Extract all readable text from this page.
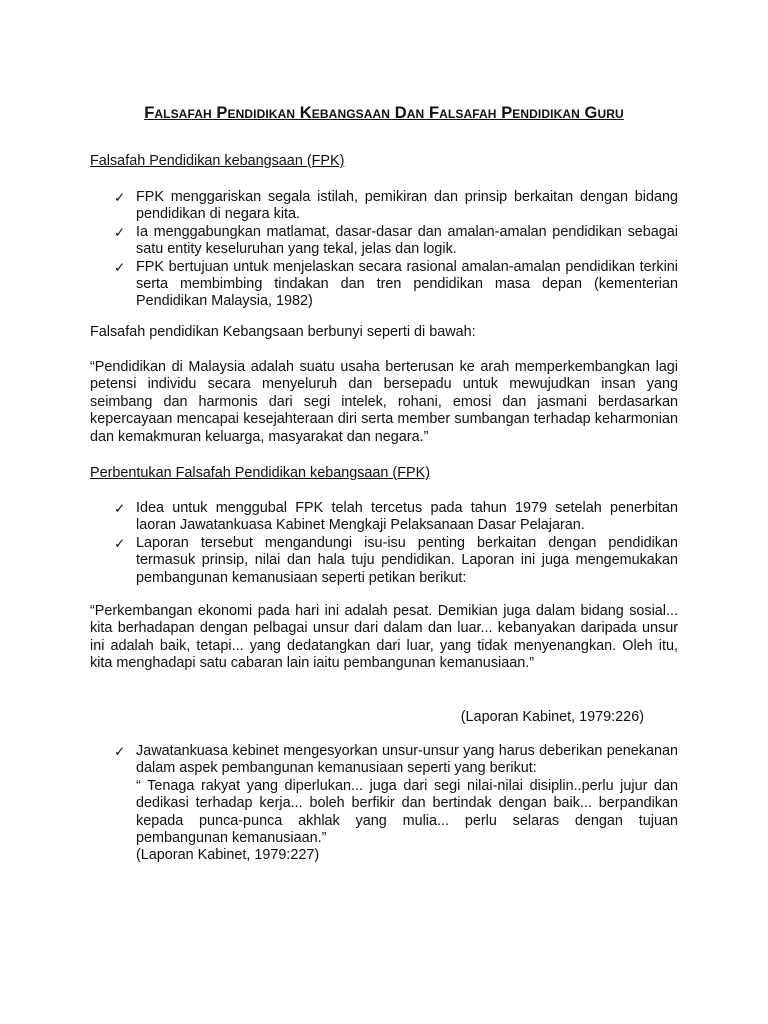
Falsafah Pendidikan Kebangsaan Dan Falsafah Pendidikan Guru

Falsafah Pendidikan kebangsaan (FPK)

✓ FPK menggariskan segala istilah, pemikiran dan prinsip berkaitan dengan bidang pendidikan di negara kita.
✓ Ia menggabungkan matlamat, dasar-dasar dan amalan-amalan pendidikan sebagai satu entity keseluruhan yang tekal, jelas dan logik.
✓ FPK bertujuan untuk menjelaskan secara rasional amalan-amalan pendidikan terkini serta membimbing tindakan dan tren pendidikan masa depan (kementerian Pendidikan Malaysia, 1982)

Falsafah pendidikan Kebangsaan berbunyi seperti di bawah:

“Pendidikan di Malaysia adalah suatu usaha berterusan ke arah memperkembangkan lagi petensi individu secara menyeluruh dan bersepadu untuk mewujudkan insan yang seimbang dan harmonis dari segi intelek, rohani, emosi dan jasmani berdasarkan kepercayaan mencapai kesejahteraan diri serta member sumbangan terhadap keharmonian dan kemakmuran keluarga, masyarakat dan negara.”

Perbentukan Falsafah Pendidikan kebangsaan (FPK)

✓ Idea untuk menggubal FPK telah tercetus pada tahun 1979 setelah penerbitan laoran Jawatankuasa Kabinet Mengkaji Pelaksanaan Dasar Pelajaran.
✓ Laporan tersebut mengandungi isu-isu penting berkaitan dengan pendidikan termasuk prinsip, nilai dan hala tuju pendidikan. Laporan ini juga mengemukakan pembangunan kemanusiaan seperti petikan berikut:

“Perkembangan ekonomi pada hari ini adalah pesat. Demikian juga dalam bidang sosial... kita berhadapan dengan pelbagai unsur dari dalam dan luar... kebanyakan daripada unsur ini adalah baik, tetapi... yang dedatangkan dari luar, yang tidak menyenangkan. Oleh itu, kita menghadapi satu cabaran lain iaitu pembangunan kemanusiaan.”

(Laporan Kabinet, 1979:226)

✓ Jawatankuasa kebinet mengesyorkan unsur-unsur yang harus deberikan penekanan dalam aspek pembangunan kemanusiaan seperti yang berikut:
“ Tenaga rakyat yang diperlukan... juga dari segi nilai-nilai disiplin..perlu jujur dan dedikasi terhadap kerja... boleh berfikir dan bertindak dengan baik... berpandikan kepada punca-punca akhlak yang mulia... perlu selaras dengan tujuan pembangunan kemanusiaan.”
(Laporan Kabinet, 1979:227)
